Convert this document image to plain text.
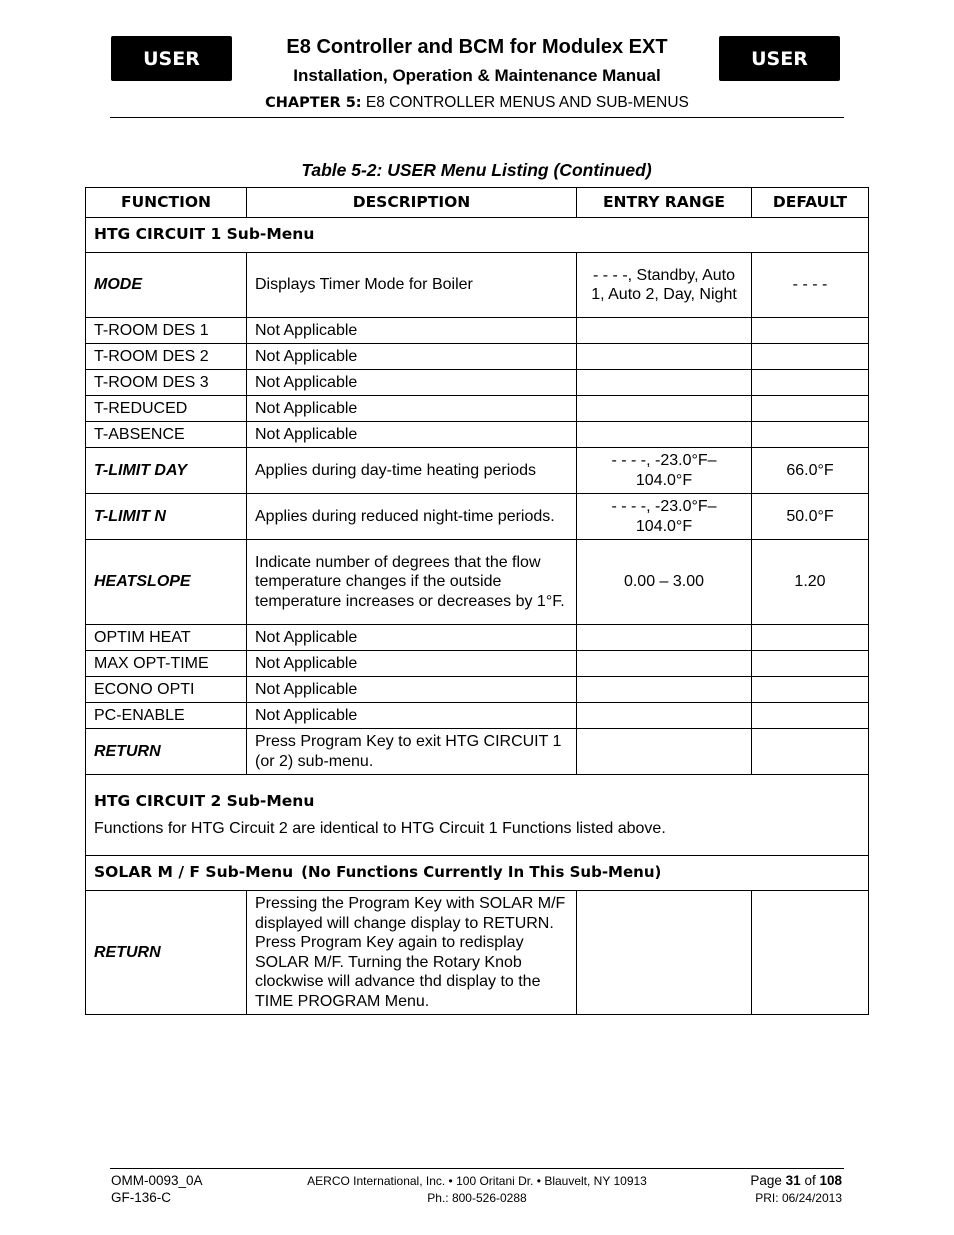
USER
E8 Controller and BCM for Modulex EXT
USER
Installation, Operation & Maintenance Manual
CHAPTER 5: E8 CONTROLLER MENUS AND SUB-MENUS
Table 5-2: USER Menu Listing (Continued)
FUNCTION	DESCRIPTION	ENTRY RANGE	DEFAULT
HTG CIRCUIT 1 Sub-Menu			
MODE	Displays Timer Mode for Boiler	- - - -, Standby, Auto 1, Auto 2, Day, Night	- - - -
T-ROOM DES 1	Not Applicable		
T-ROOM DES 2	Not Applicable		
T-ROOM DES 3	Not Applicable		
T-REDUCED	Not Applicable		
T-ABSENCE	Not Applicable		
T-LIMIT DAY	Applies during day-time heating periods	- - - -, -23.0°F–104.0°F	66.0°F
T-LIMIT N	Applies during reduced night-time periods.	- - - -, -23.0°F–104.0°F	50.0°F
HEATSLOPE	Indicate number of degrees that the flow temperature changes if the outside temperature increases or decreases by 1°F.	0.00 – 3.00	1.20
OPTIM HEAT	Not Applicable		
MAX OPT-TIME	Not Applicable		
ECONO OPTI	Not Applicable		
PC-ENABLE	Not Applicable		
RETURN	Press Program Key to exit HTG CIRCUIT 1 (or 2) sub-menu.		

HTG CIRCUIT 2 Sub-Menu
Functions for HTG Circuit 2 are identical to HTG Circuit 1 Functions listed above.			

SOLAR M / F Sub-Menu (No Functions Currently In This Sub-Menu)			
RETURN	Pressing the Program Key with SOLAR M/F displayed will change display to RETURN. Press Program Key again to redisplay SOLAR M/F. Turning the Rotary Knob clockwise will advance thd display to the TIME PROGRAM Menu.		
OMM-0093_0A
GF-136-C
AERCO International, Inc. • 100 Oritani Dr. • Blauvelt, NY 10913
Ph.: 800-526-0288
Page 31 of 108
PRI: 06/24/2013
